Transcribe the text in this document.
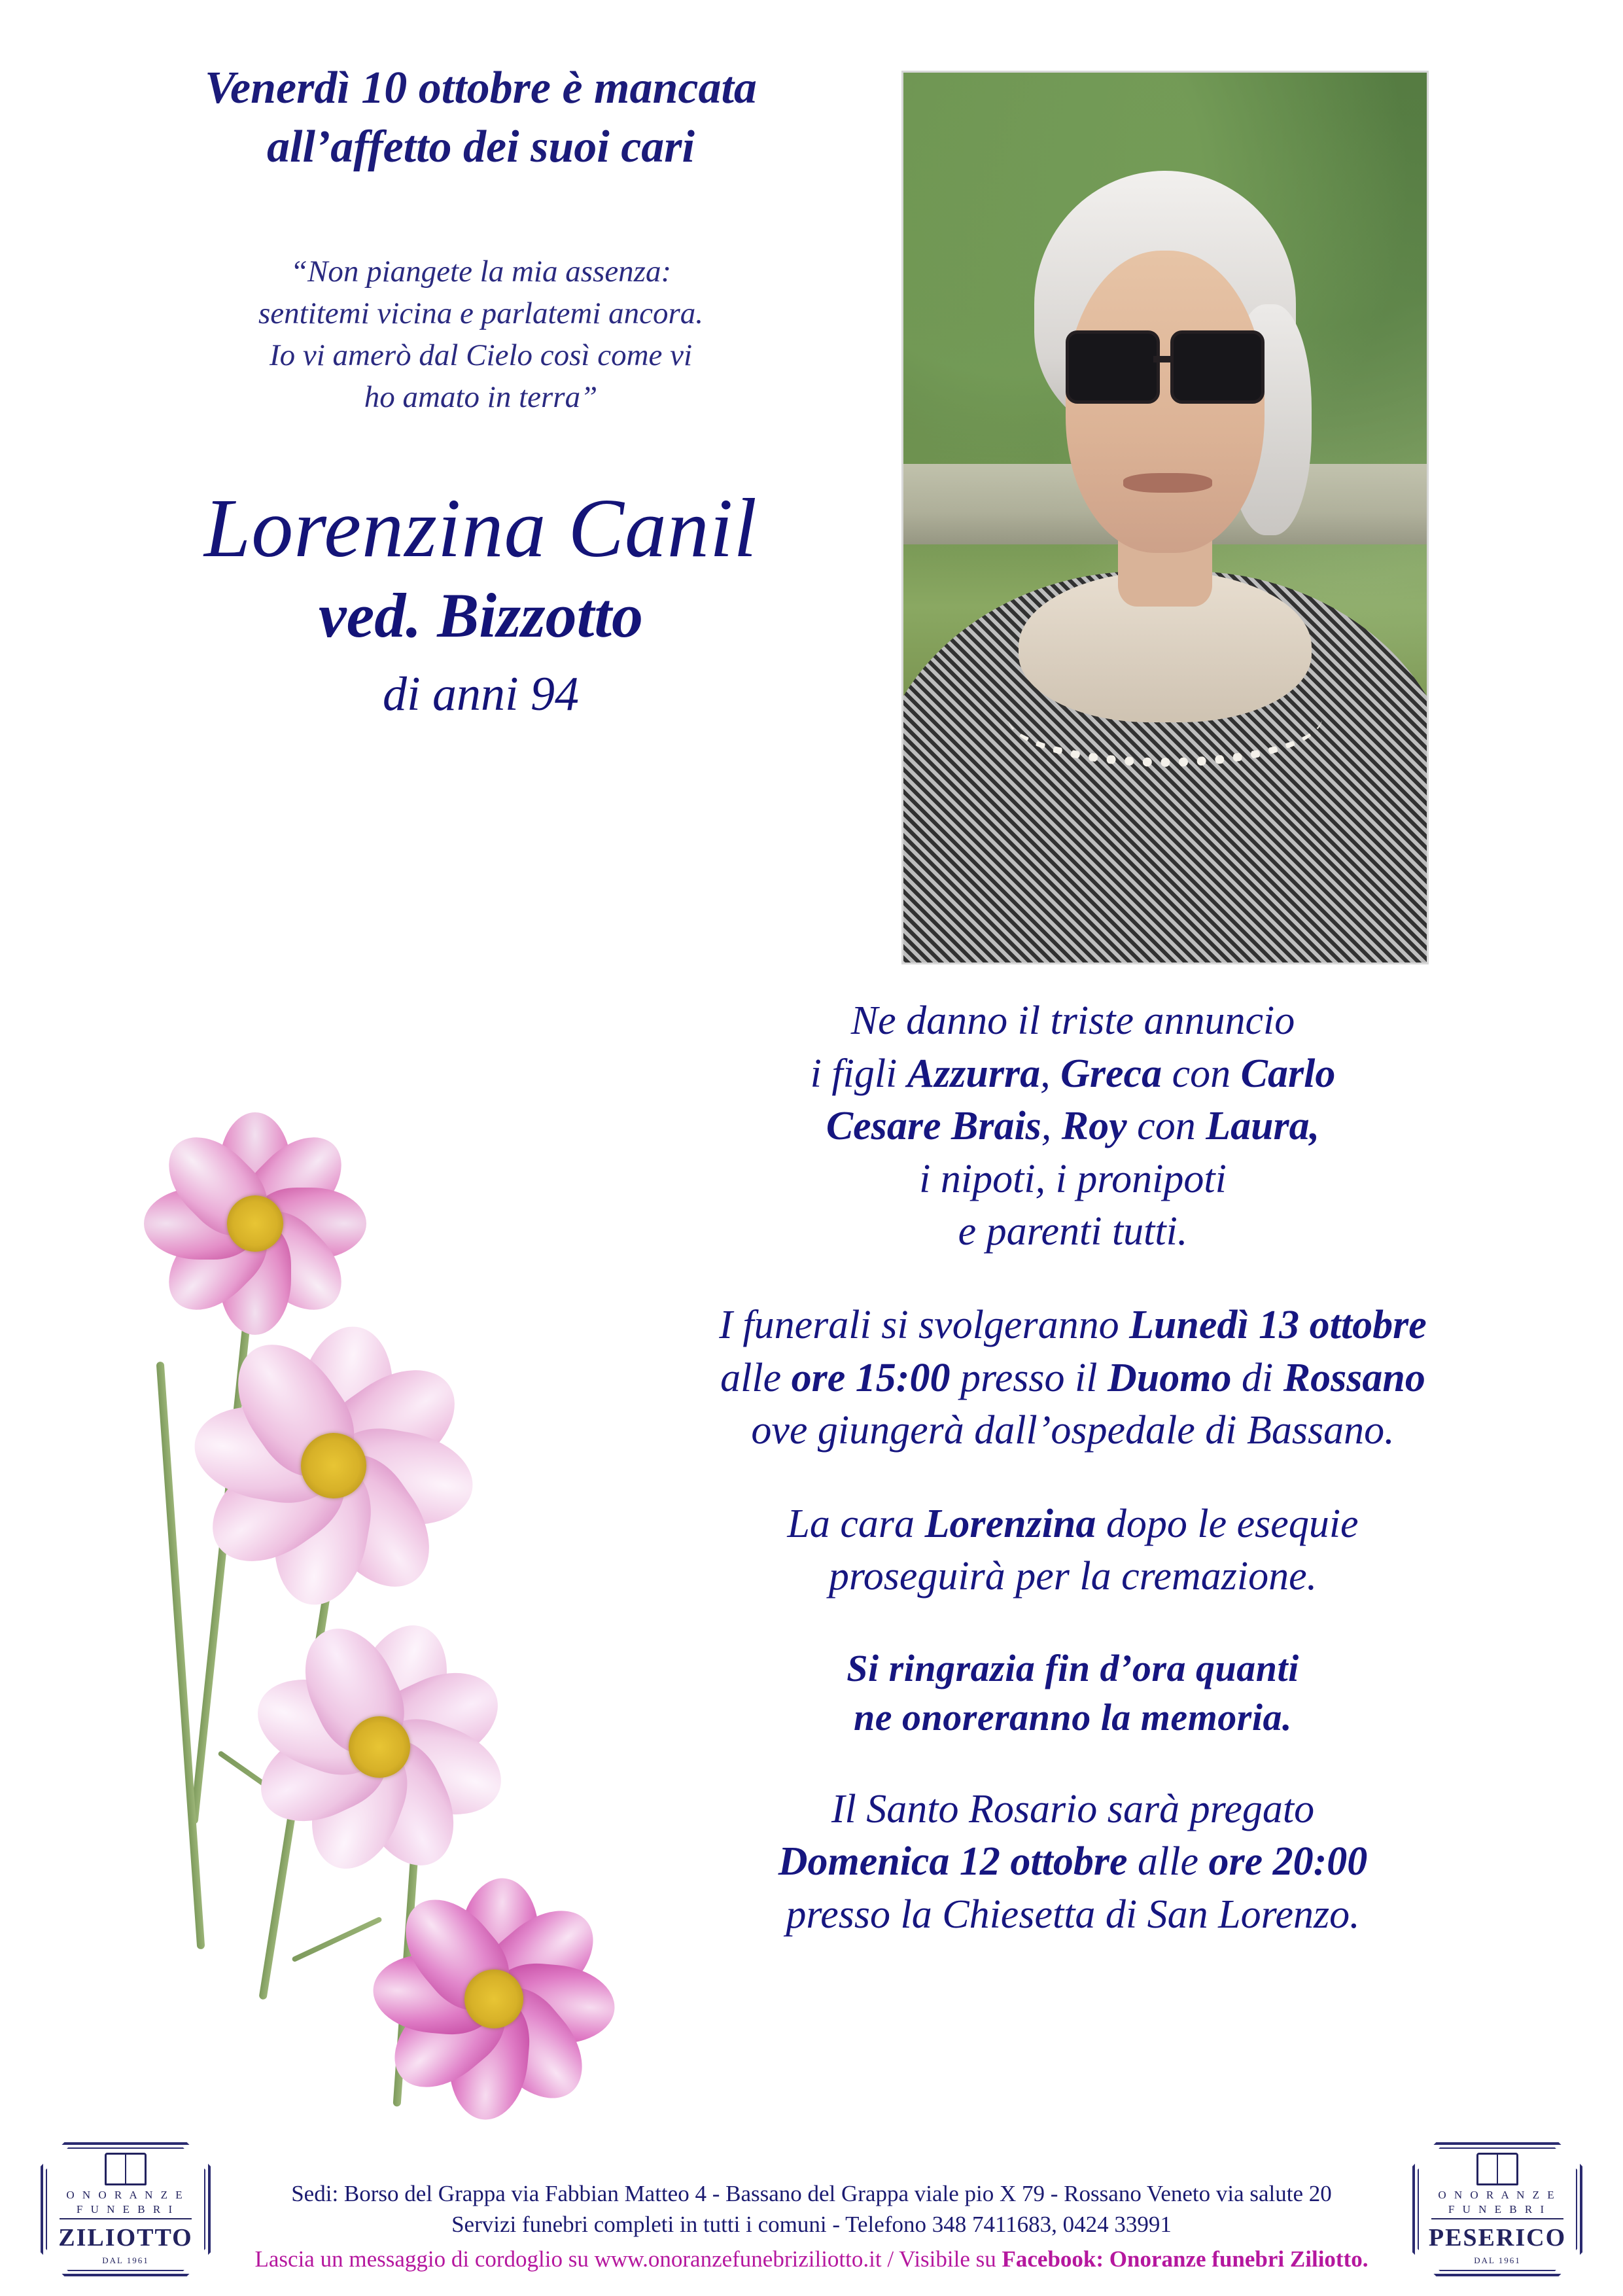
Venerdì 10 ottobre è mancata
all’affetto dei suoi cari
“Non piangete la mia assenza:
sentitemi vicina e parlatemi ancora.
Io vi amerò dal Cielo così come vi
ho amato in terra”
Lorenzina Canil
ved. Bizzotto
di anni 94
Ne danno il triste annuncio
i figli Azzurra, Greca con Carlo
Cesare Brais, Roy con Laura,
i nipoti, i pronipoti
e parenti tutti.
I funerali si svolgeranno Lunedì 13 ottobre
alle ore 15:00 presso il Duomo di Rossano
ove giungerà dall’ospedale di Bassano.
La cara Lorenzina dopo le esequie
proseguirà per la cremazione.
Si ringrazia fin d’ora quanti
ne onoreranno la memoria.
Il Santo Rosario sarà pregato
Domenica 12 ottobre alle ore 20:00
presso la Chiesetta di San Lorenzo.
O N O R A N Z E
F U N E B R I
ZILIOTTO
DAL 1961
Sedi: Borso del Grappa via Fabbian Matteo 4 - Bassano del Grappa viale pio X 79 - Rossano Veneto via salute 20
Servizi funebri completi in tutti i comuni - Telefono 348 7411683, 0424 33991
Lascia un messaggio di cordoglio su www.onoranzefunebriziliotto.it / Visibile su Facebook: Onoranze funebri Ziliotto.
O N O R A N Z E
F U N E B R I
PESERICO
DAL 1961
